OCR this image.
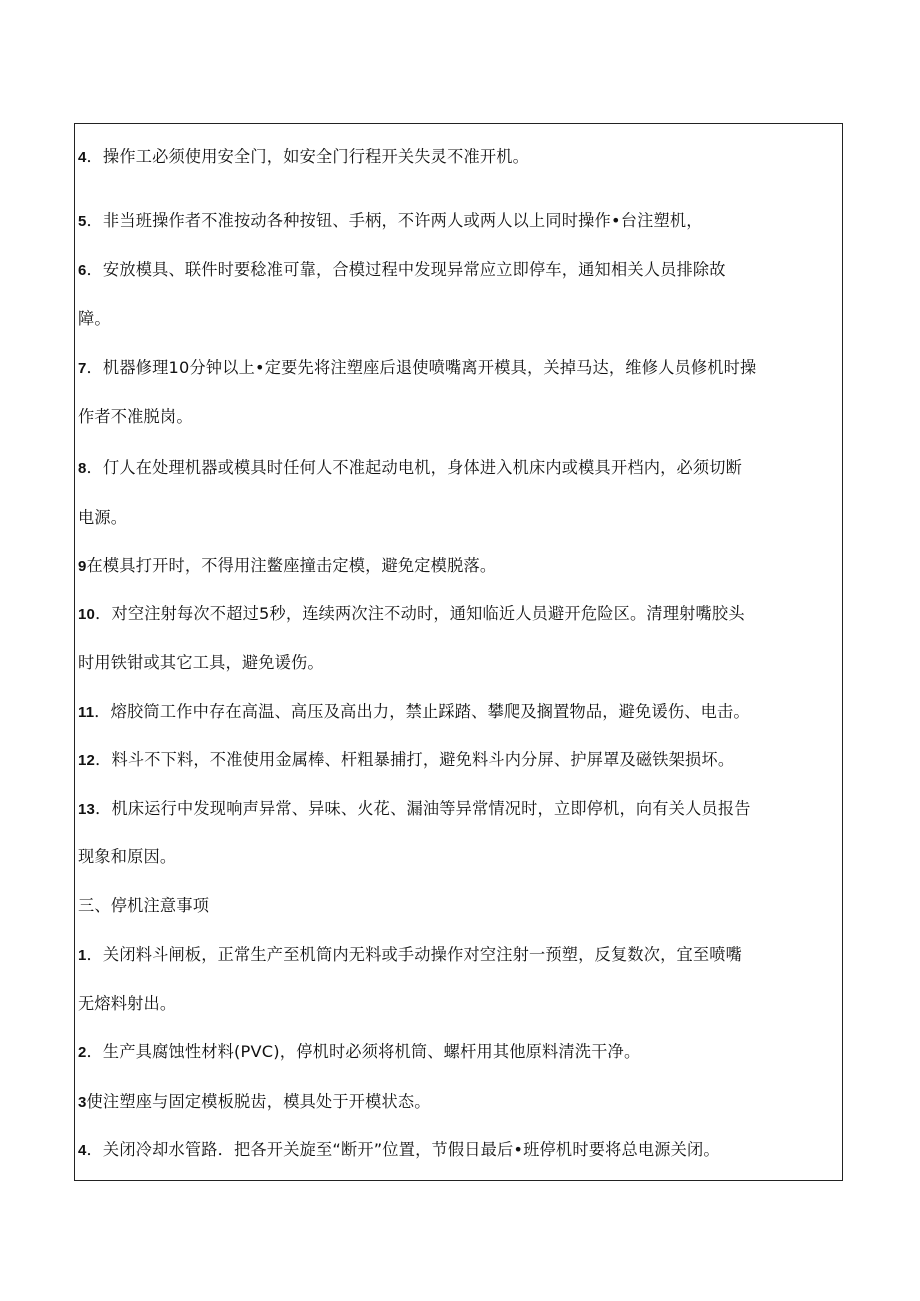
4．操作工必须使用安全门，如安全门行程开关失灵不准开机。
5．非当班操作者不准按动各种按钮、手柄，不许两人或两人以上同时操作•台注塑机，
6．安放模具、联件时要稔准可靠，合模过程中发现异常应立即停车，通知相关人员排除故
障。
7．机器修理10分钟以上•定要先将注塑座后退使喷嘴离开模具，关掉马达，维修人员修机时操
作者不准脱岗。
8．仃人在处理机器或模具时任何人不准起动电机，身体进入机床内或模具开档内，必须切断
电源。
9在模具打开时，不得用注鳖座撞击定模，避免定模脱落。
10．对空注射每次不超过5秒，连续两次注不动时，通知临近人员避开危险区。清理射嘴胶头
时用铁钳或其它工具，避免谖伤。
11．熔胶筒工作中存在高温、高压及高出力，禁止踩踏、攀爬及搁置物品，避免谖伤、电击。
12．料斗不下料，不准使用金属棒、杆粗暴捕打，避免料斗内分屏、护屏罩及磁铁架损坏。
13．机床运行中发现响声异常、异味、火花、漏油等异常情况时，立即停机，向有关人员报告
现象和原因。
三、停机注意事项
1．关闭料斗闸板，正常生产至机筒内无料或手动操作对空注射一预塑，反复数次，宜至喷嘴
无熔料射出。
2．生产具腐蚀性材料(PVC)，停机时必须将机筒、螺杆用其他原料清洗干净。
3使注塑座与固定模板脱齿，模具处于开模状态。
4．关闭冷却水管路．把各开关旋至“断开”位置，节假日最后•班停机时要将总电源关闭。
